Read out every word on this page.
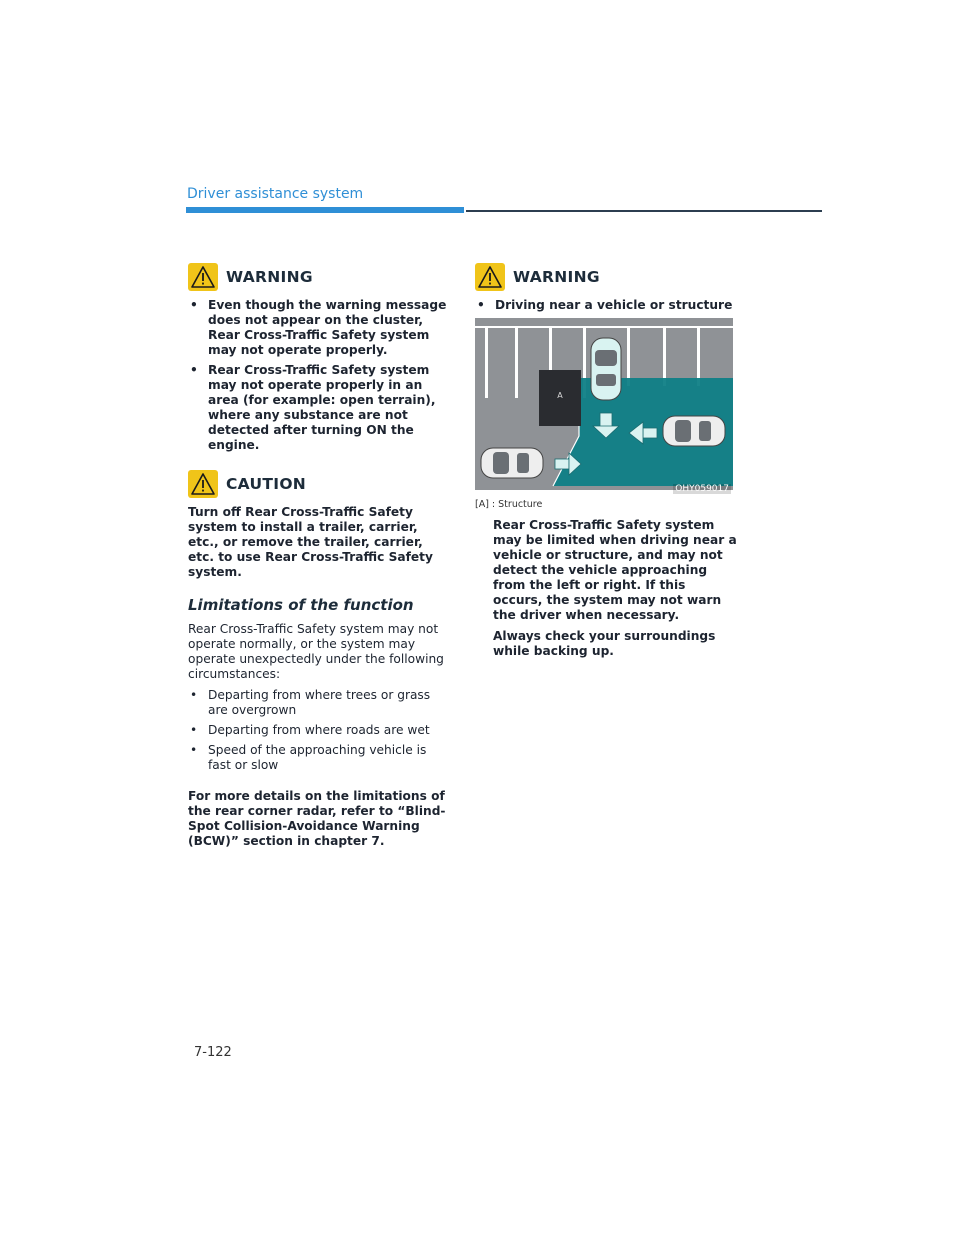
Driver assistance system
WARNING
• Even though the warning message does not appear on the cluster, Rear Cross-Traffic Safety system may not operate properly.
• Rear Cross-Traffic Safety system may not operate properly in an area (for example: open terrain), where any substance are not detected after turning ON the engine.
CAUTION

Turn off Rear Cross-Traffic Safety system to install a trailer, carrier, etc., or remove the trailer, carrier, etc. to use Rear Cross-Traffic Safety system.

Limitations of the function

Rear Cross-Traffic Safety system may not operate normally, or the system may operate unexpectedly under the following circumstances:

• Departing from where trees or grass are overgrown
• Departing from where roads are wet
• Speed of the approaching vehicle is fast or slow

For more details on the limitations of the rear corner radar, refer to “Blind-Spot Collision-Avoidance Warning (BCW)” section in chapter 7.

WARNING
• Driving near a vehicle or structure
A
OHY059017
[A] : Structure

Rear Cross-Traffic Safety system may be limited when driving near a vehicle or structure, and may not detect the vehicle approaching from the left or right. If this occurs, the system may not warn the driver when necessary.

Always check your surroundings while backing up.

7-122
